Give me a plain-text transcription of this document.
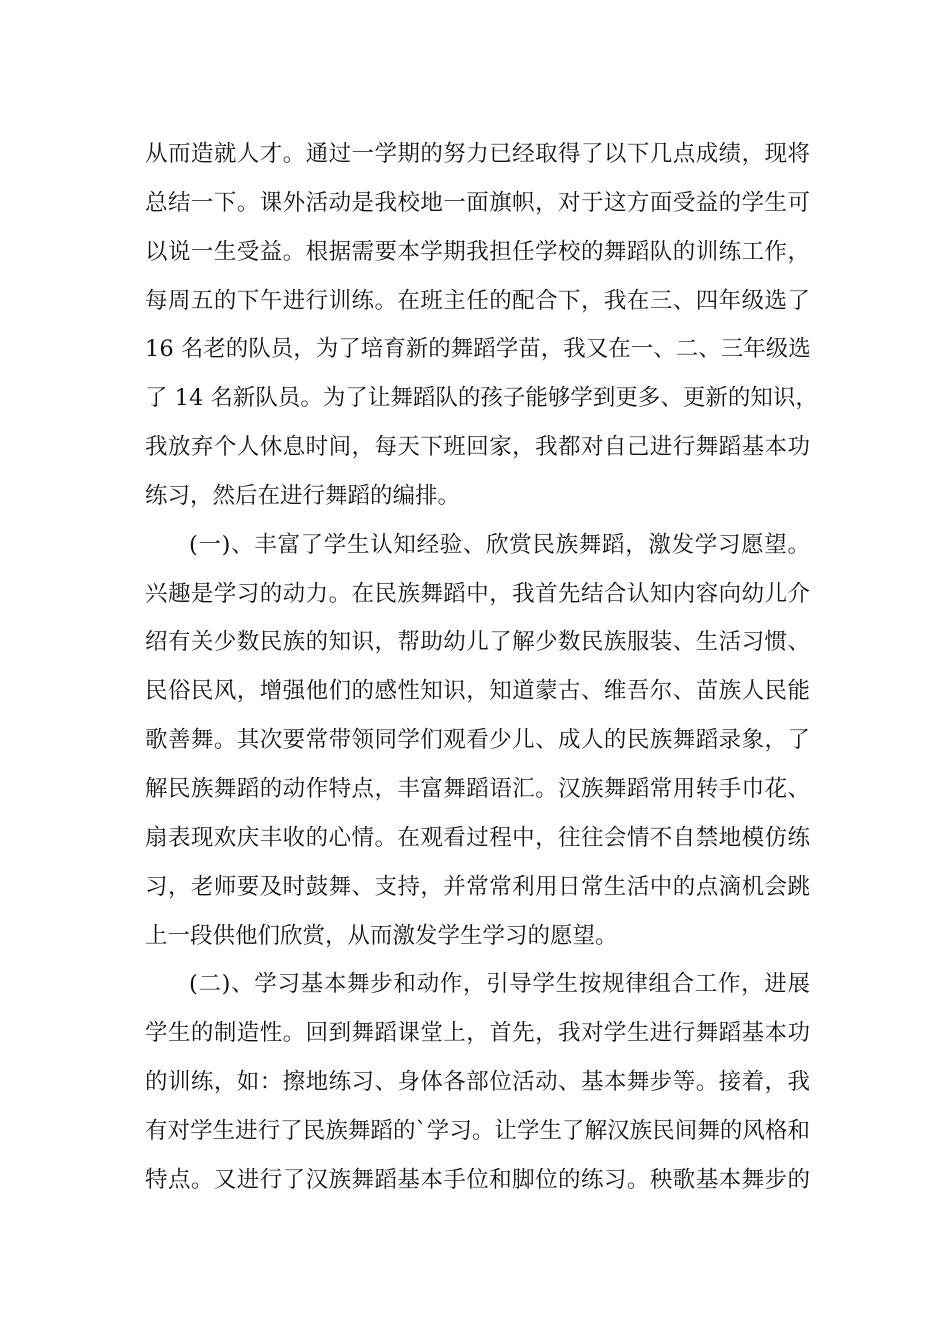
从而造就人才。通过一学期的努力已经取得了以下几点成绩，现将
总结一下。课外活动是我校地一面旗帜，对于这方面受益的学生可
以说一生受益。根据需要本学期我担任学校的舞蹈队的训练工作，
每周五的下午进行训练。在班主任的配合下，我在三、四年级选了
16 名老的队员，为了培育新的舞蹈学苗，我又在一、二、三年级选
了 14 名新队员。为了让舞蹈队的孩子能够学到更多、更新的知识，
我放弃个人休息时间，每天下班回家，我都对自己进行舞蹈基本功
练习，然后在进行舞蹈的编排。
(一)、丰富了学生认知经验、欣赏民族舞蹈，激发学习愿望。
兴趣是学习的动力。在民族舞蹈中，我首先结合认知内容向幼儿介
绍有关少数民族的知识，帮助幼儿了解少数民族服装、生活习惯、
民俗民风，增强他们的感性知识，知道蒙古、维吾尔、苗族人民能
歌善舞。其次要常带领同学们观看少儿、成人的民族舞蹈录象，了
解民族舞蹈的动作特点，丰富舞蹈语汇。汉族舞蹈常用转手巾花、
扇表现欢庆丰收的心情。在观看过程中，往往会情不自禁地模仿练
习，老师要及时鼓舞、支持，并常常利用日常生活中的点滴机会跳
上一段供他们欣赏，从而激发学生学习的愿望。
(二)、学习基本舞步和动作，引导学生按规律组合工作，进展
学生的制造性。回到舞蹈课堂上，首先，我对学生进行舞蹈基本功
的训练，如：擦地练习、身体各部位活动、基本舞步等。接着，我
有对学生进行了民族舞蹈的`学习。让学生了解汉族民间舞的风格和
特点。又进行了汉族舞蹈基本手位和脚位的练习。秧歌基本舞步的
